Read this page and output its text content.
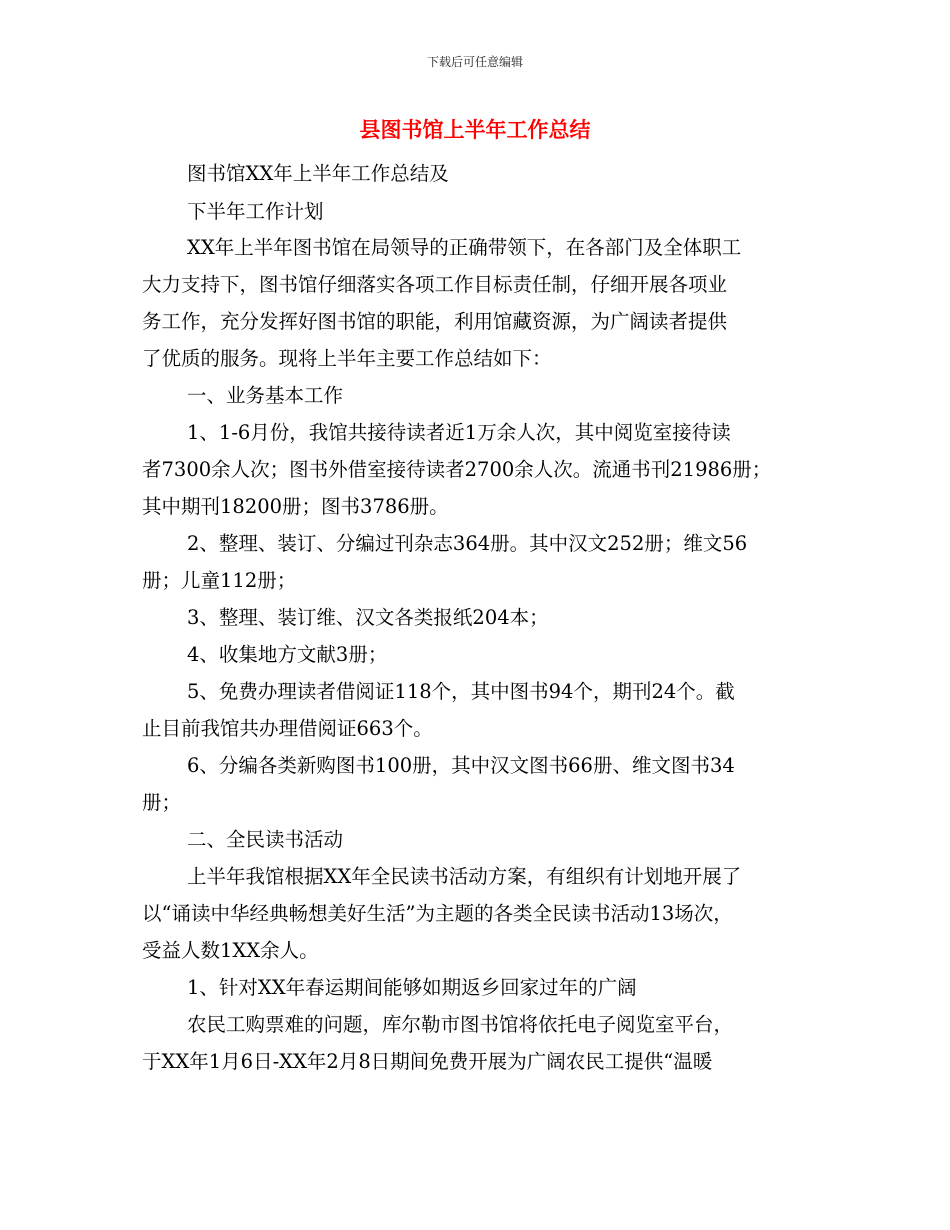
下载后可任意编辑
县图书馆上半年工作总结

图书馆XX年上半年工作总结及

下半年工作计划

XX年上半年图书馆在局领导的正确带领下，在各部门及全体职工

大力支持下，图书馆仔细落实各项工作目标责任制，仔细开展各项业

务工作，充分发挥好图书馆的职能，利用馆藏资源，为广阔读者提供

了优质的服务。现将上半年主要工作总结如下：

一、业务基本工作

1、1-6月份，我馆共接待读者近1万余人次，其中阅览室接待读

者7300余人次；图书外借室接待读者2700余人次。流通书刊21986册；

其中期刊18200册；图书3786册。

2、整理、装订、分编过刊杂志364册。其中汉文252册；维文56

册；儿童112册；

3、整理、装订维、汉文各类报纸204本；

4、收集地方文献3册；

5、免费办理读者借阅证118个，其中图书94个，期刊24个。截

止目前我馆共办理借阅证663个。

6、分编各类新购图书100册，其中汉文图书66册、维文图书34

册；

二、全民读书活动

上半年我馆根据XX年全民读书活动方案，有组织有计划地开展了

以“诵读中华经典畅想美好生活”为主题的各类全民读书活动13场次，

受益人数1XX余人。

1、针对XX年春运期间能够如期返乡回家过年的广阔

农民工购票难的问题，库尔勒市图书馆将依托电子阅览室平台，

于XX年1月6日-XX年2月8日期间免费开展为广阔农民工提供“温暖
